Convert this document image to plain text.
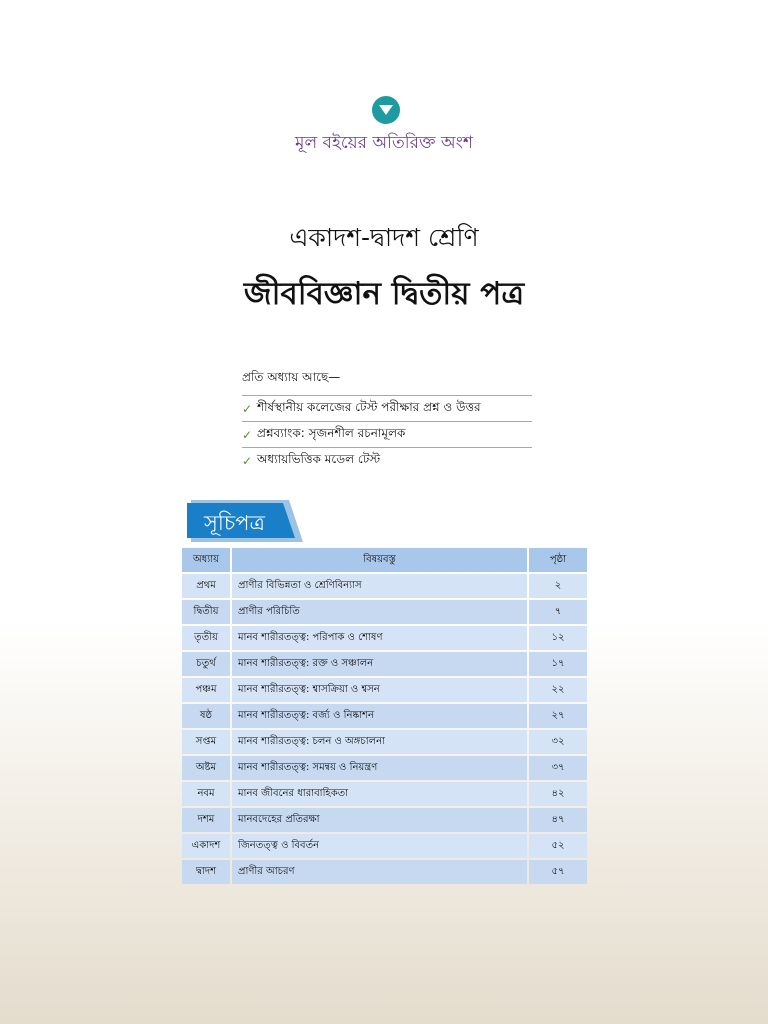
মূল বইয়ের অতিরিক্ত অংশ
একাদশ-দ্বাদশ শ্রেণি
জীববিজ্ঞান দ্বিতীয় পত্র
প্রতি অধ্যায় আছে—
✓ শীর্ষস্থানীয় কলেজের টেস্ট পরীক্ষার প্রশ্ন ও উত্তর
✓ প্রশ্নব্যাংক: সৃজনশীল রচনামূলক
✓ অধ্যায়ভিত্তিক মডেল টেস্ট
সূচিপত্র
অধ্যায়	বিষয়বস্তু	পৃষ্ঠা
প্রথম	প্রাণীর বিভিন্নতা ও শ্রেণিবিন্যাস	২
দ্বিতীয়	প্রাণীর পরিচিতি	৭
তৃতীয়	মানব শারীরতত্ত্ব: পরিপাক ও শোষণ	১২
চতুর্থ	মানব শারীরতত্ত্ব: রক্ত ও সঞ্চালন	১৭
পঞ্চম	মানব শারীরতত্ত্ব: শ্বাসক্রিয়া ও শ্বসন	২২
ষষ্ঠ	মানব শারীরতত্ত্ব: বর্জ্য ও নিষ্কাশন	২৭
সপ্তম	মানব শারীরতত্ত্ব: চলন ও অঙ্গচালনা	৩২
অষ্টম	মানব শারীরতত্ত্ব: সমন্বয় ও নিয়ন্ত্রণ	৩৭
নবম	মানব জীবনের ধারাবাহিকতা	৪২
দশম	মানবদেহের প্রতিরক্ষা	৪৭
একাদশ	জিনতত্ত্ব ও বিবর্তন	৫২
দ্বাদশ	প্রাণীর আচরণ	৫৭
